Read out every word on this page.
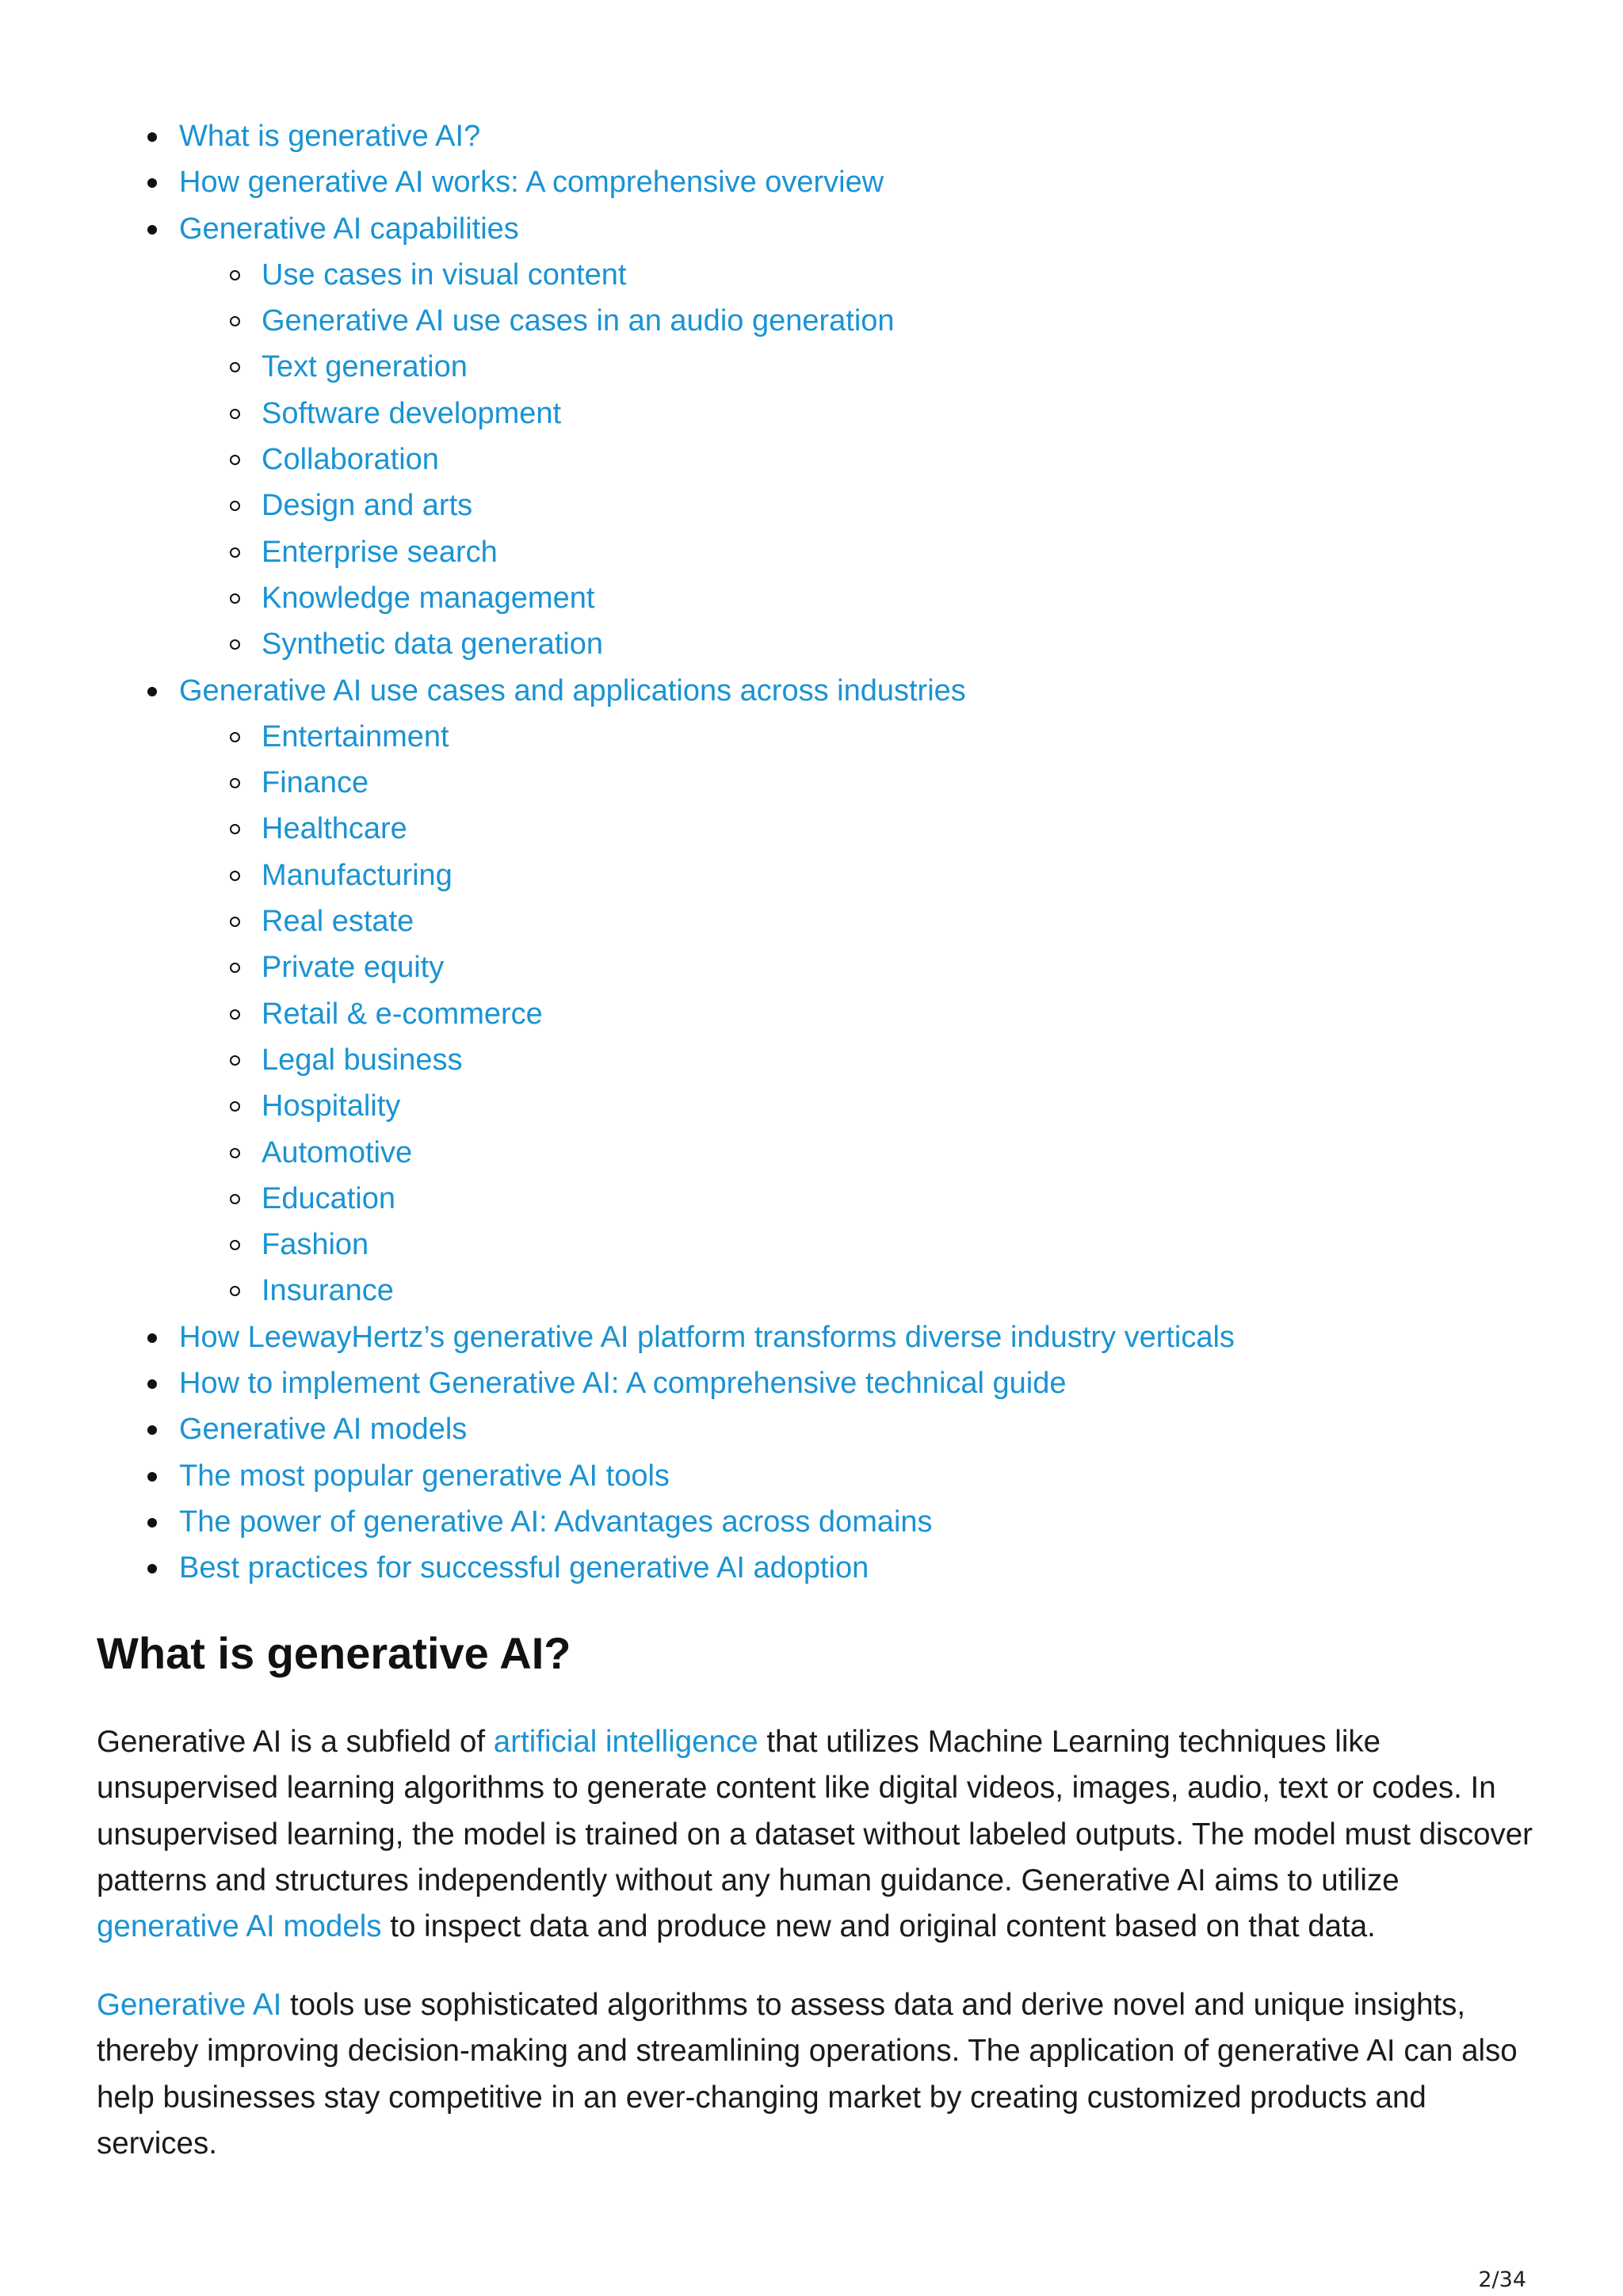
What is generative AI?
How generative AI works: A comprehensive overview
Generative AI capabilities
Use cases in visual content
Generative AI use cases in an audio generation
Text generation
Software development
Collaboration
Design and arts
Enterprise search
Knowledge management
Synthetic data generation
Generative AI use cases and applications across industries
Entertainment
Finance
Healthcare
Manufacturing
Real estate
Private equity
Retail & e-commerce
Legal business
Hospitality
Automotive
Education
Fashion
Insurance
How LeewayHertz’s generative AI platform transforms diverse industry verticals
How to implement Generative AI: A comprehensive technical guide
Generative AI models
The most popular generative AI tools
The power of generative AI: Advantages across domains
Best practices for successful generative AI adoption
What is generative AI?

Generative AI is a subfield of artificial intelligence that utilizes Machine Learning techniques like unsupervised learning algorithms to generate content like digital videos, images, audio, text or codes. In unsupervised learning, the model is trained on a dataset without labeled outputs. The model must discover patterns and structures independently without any human guidance. Generative AI aims to utilize generative AI models to inspect data and produce new and original content based on that data.

Generative AI tools use sophisticated algorithms to assess data and derive novel and unique insights, thereby improving decision-making and streamlining operations. The application of generative AI can also help businesses stay competitive in an ever-changing market by creating customized products and services.

2/34
